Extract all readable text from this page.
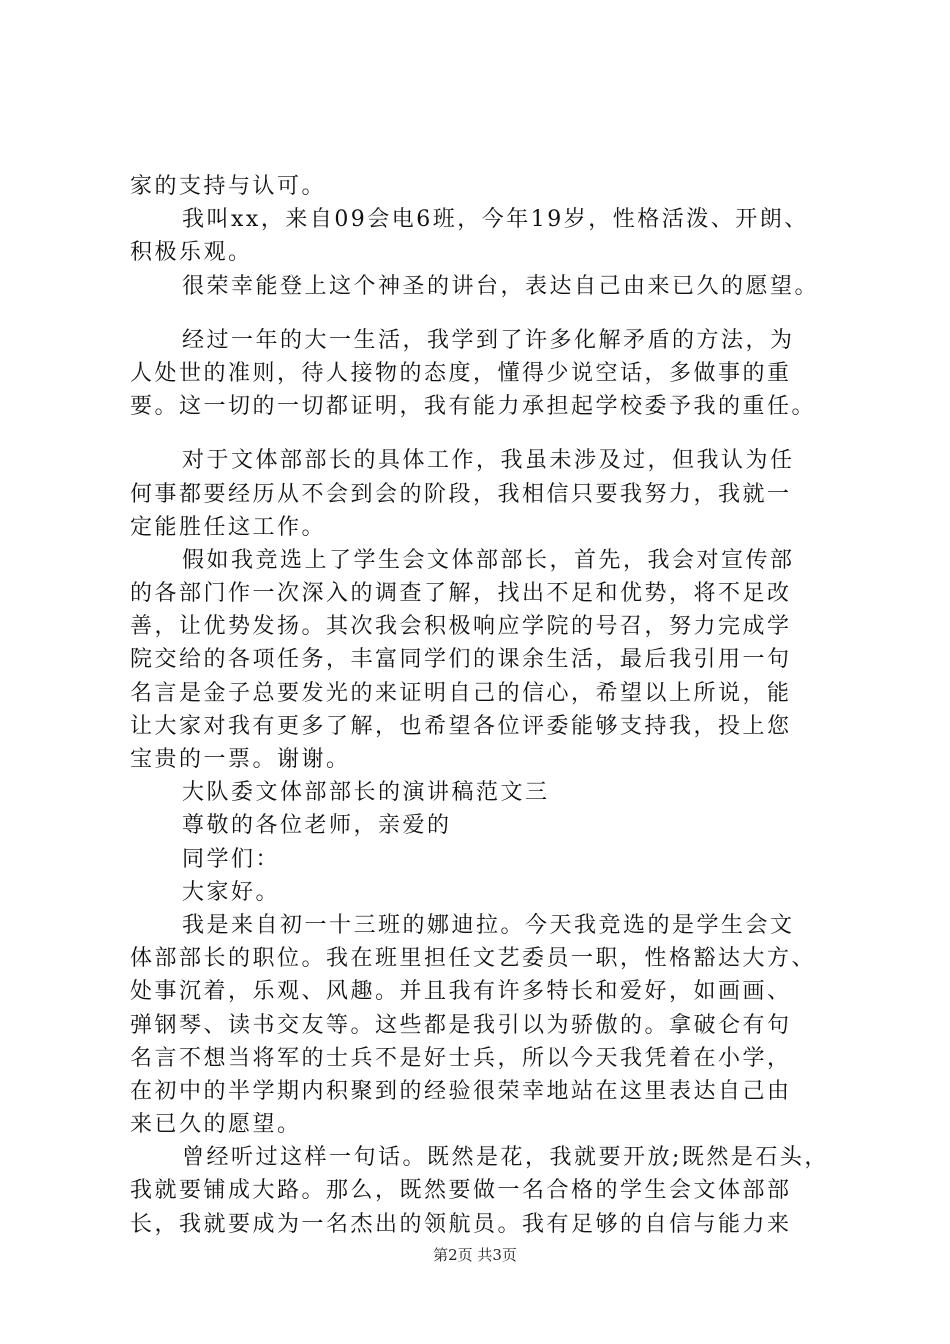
家的支持与认可。
我叫xx，来自09会电6班，今年19岁，性格活泼、开朗、
积极乐观。
很荣幸能登上这个神圣的讲台，表达自己由来已久的愿望。
经过一年的大一生活，我学到了许多化解矛盾的方法，为
人处世的准则，待人接物的态度，懂得少说空话，多做事的重
要。这一切的一切都证明，我有能力承担起学校委予我的重任。
对于文体部部长的具体工作，我虽未涉及过，但我认为任
何事都要经历从不会到会的阶段，我相信只要我努力，我就一
定能胜任这工作。
假如我竞选上了学生会文体部部长，首先，我会对宣传部
的各部门作一次深入的调查了解，找出不足和优势，将不足改
善，让优势发扬。其次我会积极响应学院的号召，努力完成学
院交给的各项任务，丰富同学们的课余生活，最后我引用一句
名言是金子总要发光的来证明自己的信心，希望以上所说，能
让大家对我有更多了解，也希望各位评委能够支持我，投上您
宝贵的一票。谢谢。
大队委文体部部长的演讲稿范文三
尊敬的各位老师，亲爱的
同学们：
大家好。
我是来自初一十三班的娜迪拉。今天我竞选的是学生会文
体部部长的职位。我在班里担任文艺委员一职，性格豁达大方、
处事沉着，乐观、风趣。并且我有许多特长和爱好，如画画、
弹钢琴、读书交友等。这些都是我引以为骄傲的。拿破仑有句
名言不想当将军的士兵不是好士兵，所以今天我凭着在小学，
在初中的半学期内积聚到的经验很荣幸地站在这里表达自己由
来已久的愿望。
曾经听过这样一句话。既然是花，我就要开放;既然是石头，
我就要铺成大路。那么，既然要做一名合格的学生会文体部部
长，我就要成为一名杰出的领航员。我有足够的自信与能力来
第2页 共3页
